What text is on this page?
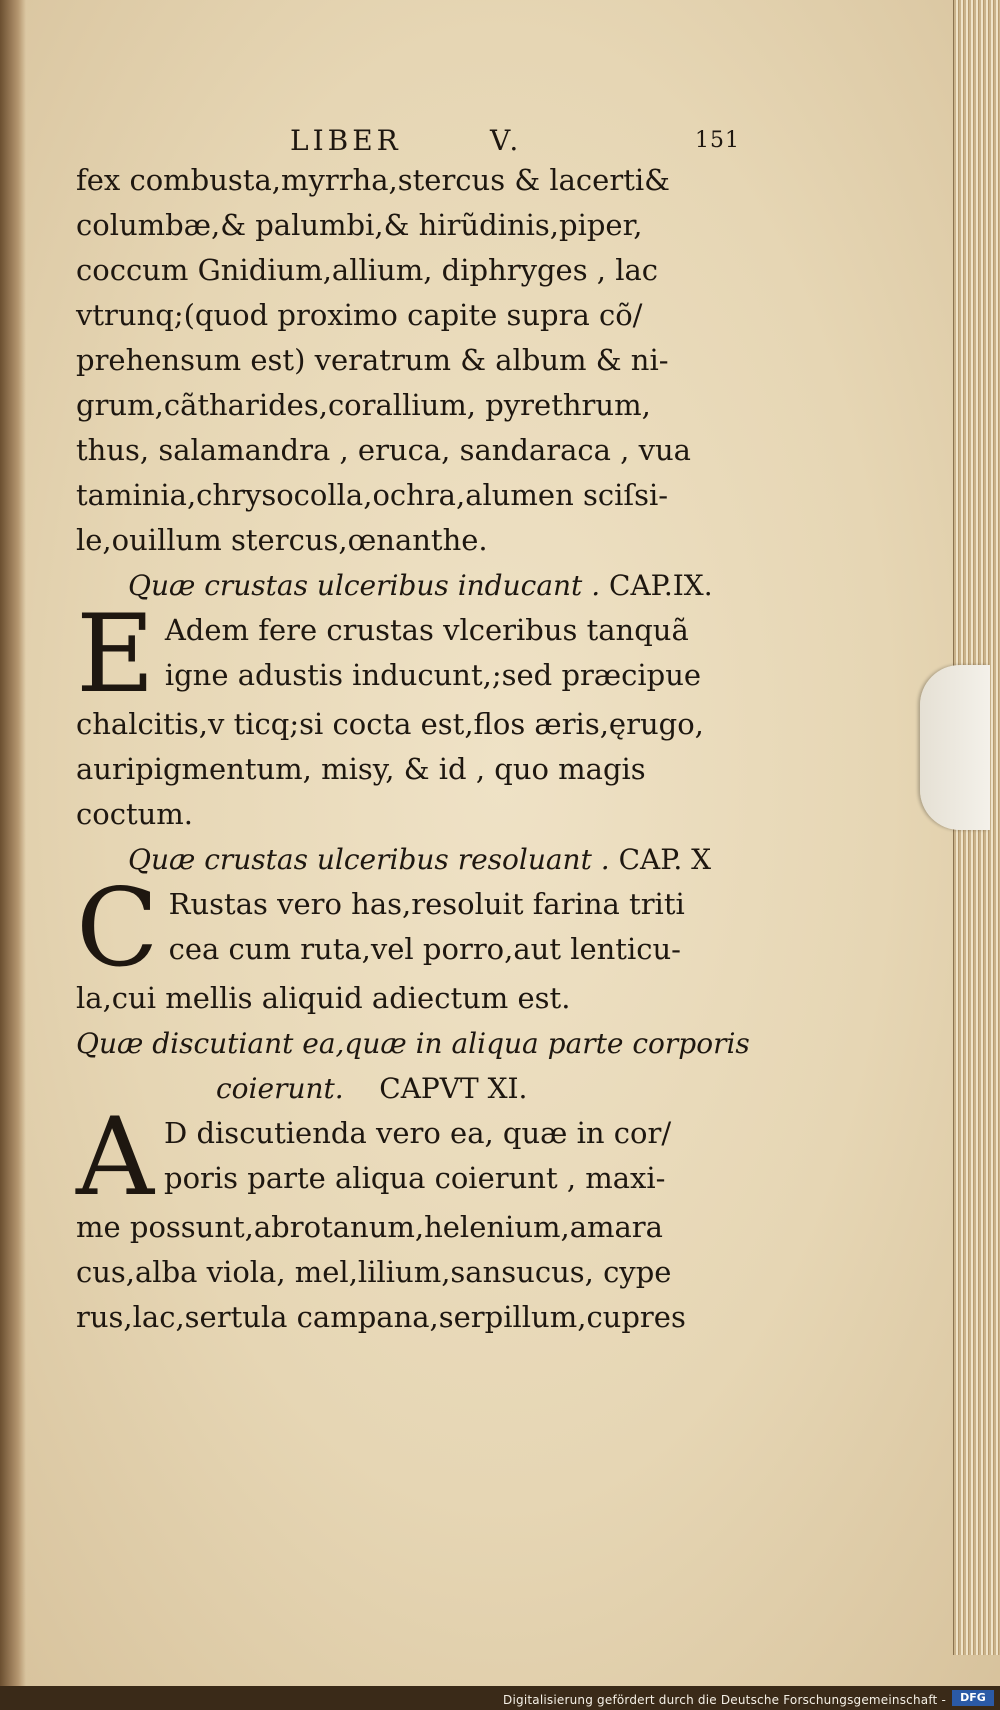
LIBER	V.	151
fex combusta,myrrha,stercus & lacerti&
columbæ,& palumbi,& hirũdinis,piper,
coccum Gnidium,allium, diphryges , lac
vtrunq;(quod proximo capite supra cõ/
prehensum est) veratrum & album & ni-
grum,cãtharides,corallium, pyrethrum,
thus, salamandra , eruca, sandaraca , vua
taminia,chrysocolla,ochra,alumen sciſsi-
le,ouillum stercus,œnanthe.
Quæ crustas ulceribus inducant . CAP.IX.
E Adem fere crustas vlceribus tanquã
igne adustis inducunt,;sed præcipue
chalcitis,v ticq;si cocta est,flos æris,ęrugo,
auripigmentum, misy, & id , quo magis
coctum.
Quæ crustas ulceribus resoluant . CAP. X
C Rustas vero has,resoluit farina triti
cea cum ruta,vel porro,aut lenticu-
la,cui mellis aliquid adiectum est.
Quæ discutiant ea,quæ in aliqua parte corporis
coierunt. CAPVT XI.
A D discutienda vero ea, quæ in cor/
poris parte aliqua coierunt , maxi-
me possunt,abrotanum,helenium,amara
cus,alba viola, mel,lilium,sansucus, cype
rus,lac,sertula campana,serpillum,cupres
Digitalisierung gefördert durch die Deutsche Forschungsgemeinschaft -	DFG
